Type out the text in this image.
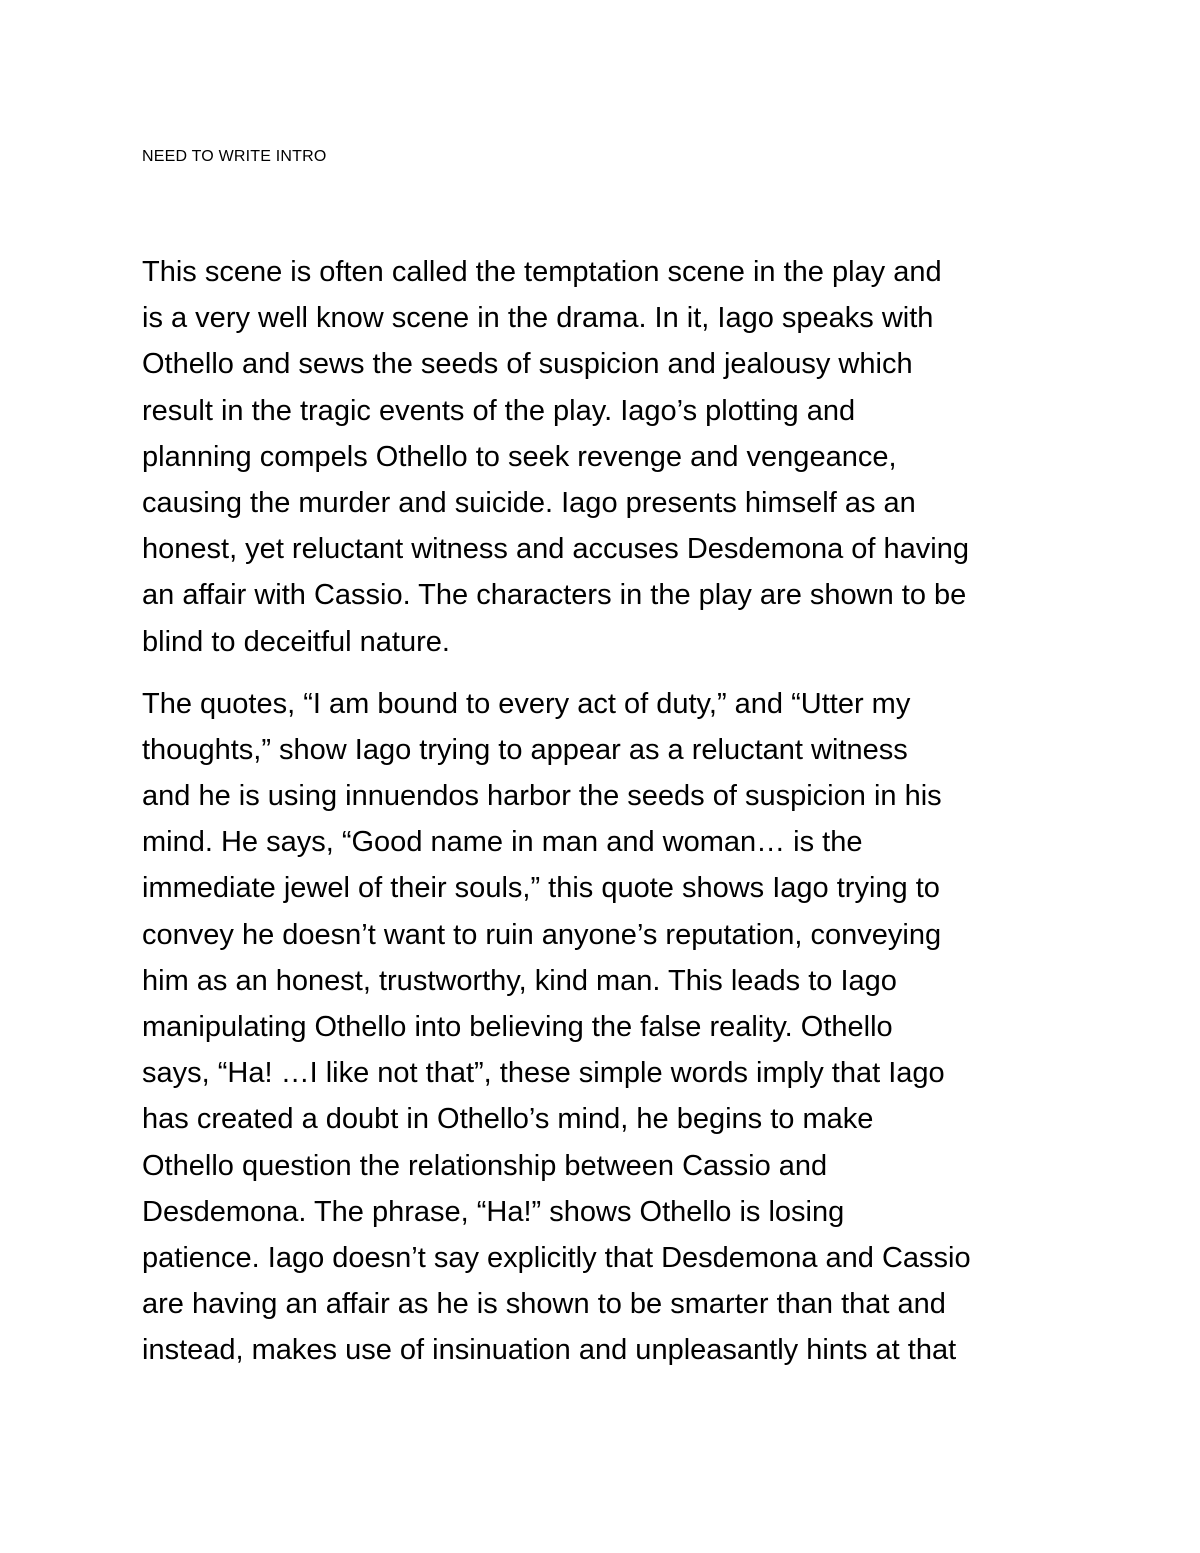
NEED TO WRITE INTRO

This scene is often called the temptation scene in the play and
is a very well know scene in the drama. In it, Iago speaks with
Othello and sews the seeds of suspicion and jealousy which
result in the tragic events of the play. Iago’s plotting and
planning compels Othello to seek revenge and vengeance,
causing the murder and suicide. Iago presents himself as an
honest, yet reluctant witness and accuses Desdemona of having
an affair with Cassio. The characters in the play are shown to be
blind to deceitful nature.

The quotes, “I am bound to every act of duty,” and “Utter my
thoughts,” show Iago trying to appear as a reluctant witness
and he is using innuendos harbor the seeds of suspicion in his
mind. He says, “Good name in man and woman… is the
immediate jewel of their souls,” this quote shows Iago trying to
convey he doesn’t want to ruin anyone’s reputation, conveying
him as an honest, trustworthy, kind man. This leads to Iago
manipulating Othello into believing the false reality. Othello
says, “Ha! …I like not that”, these simple words imply that Iago
has created a doubt in Othello’s mind, he begins to make
Othello question the relationship between Cassio and
Desdemona. The phrase, “Ha!” shows Othello is losing
patience. Iago doesn’t say explicitly that Desdemona and Cassio
are having an affair as he is shown to be smarter than that and
instead, makes use of insinuation and unpleasantly hints at that
